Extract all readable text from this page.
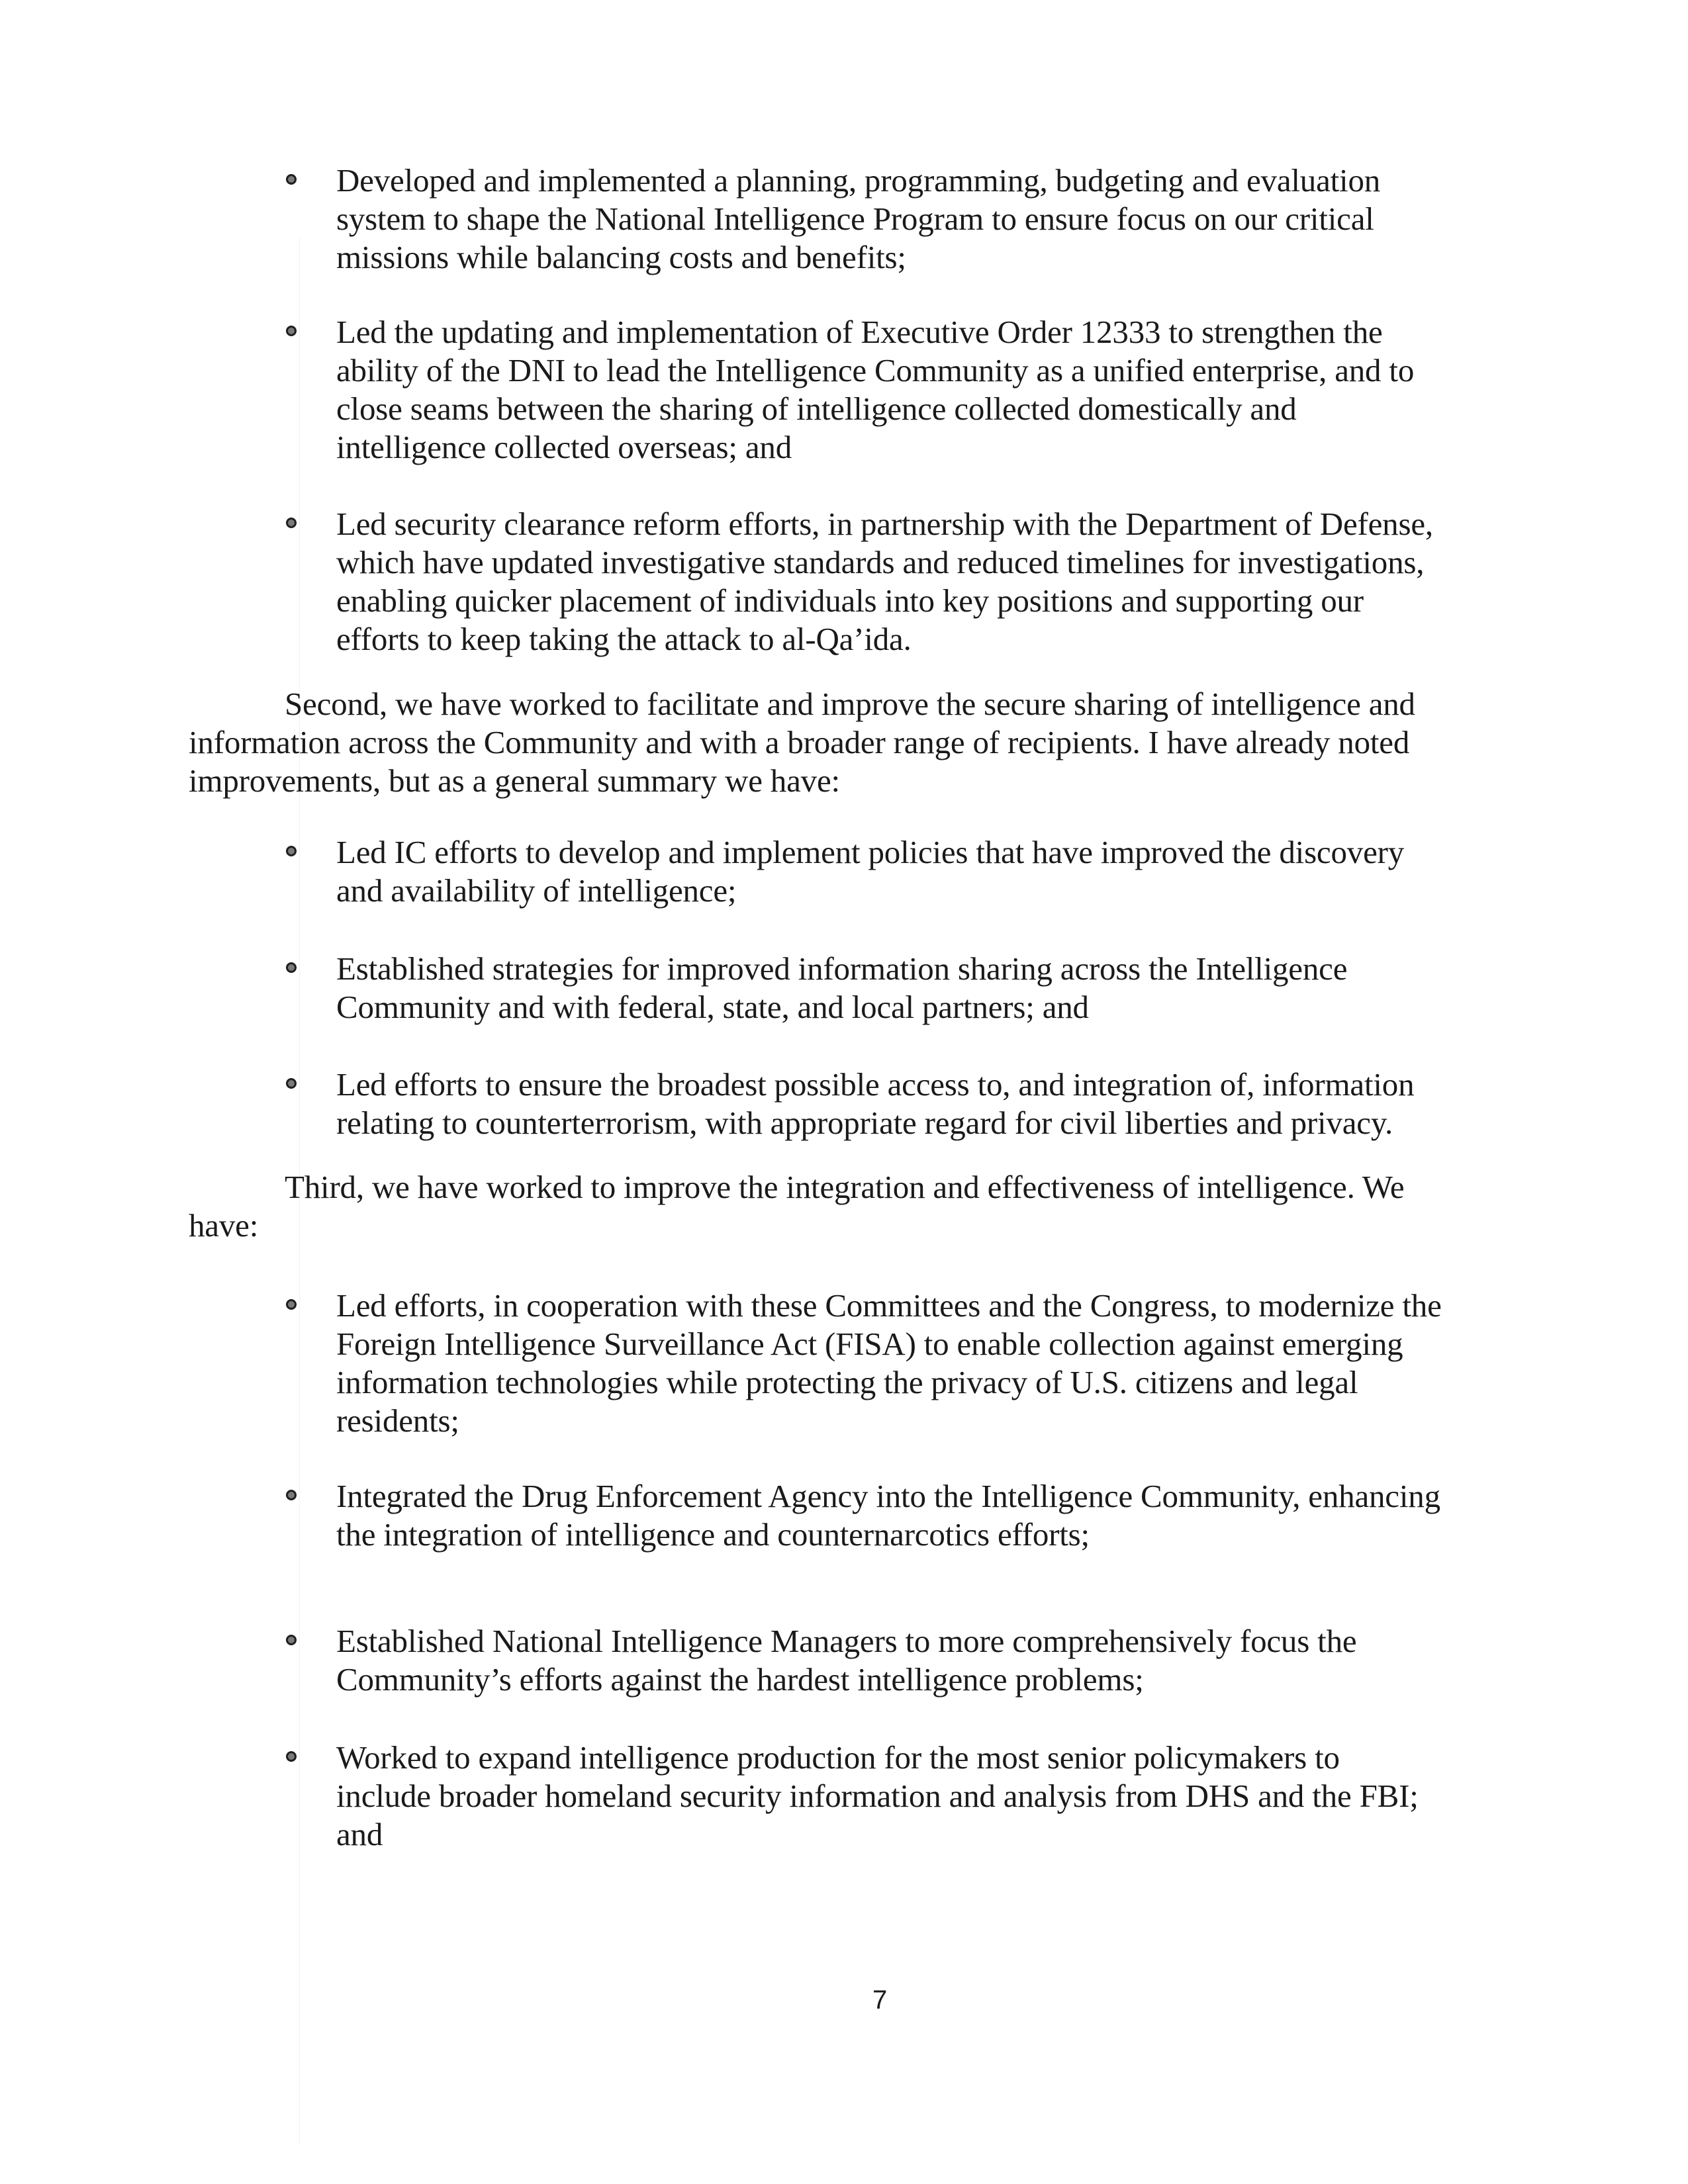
Developed and implemented a planning, programming, budgeting and evaluation
system to shape the National Intelligence Program to ensure focus on our critical
missions while balancing costs and benefits;
Led the updating and implementation of Executive Order 12333 to strengthen the
ability of the DNI to lead the Intelligence Community as a unified enterprise, and to
close seams between the sharing of intelligence collected domestically and
intelligence collected overseas; and
Led security clearance reform efforts, in partnership with the Department of Defense,
which have updated investigative standards and reduced timelines for investigations,
enabling quicker placement of individuals into key positions and supporting our
efforts to keep taking the attack to al-Qa’ida.
Second, we have worked to facilitate and improve the secure sharing of intelligence and
information across the Community and with a broader range of recipients. I have already noted
improvements, but as a general summary we have:
Led IC efforts to develop and implement policies that have improved the discovery
and availability of intelligence;
Established strategies for improved information sharing across the Intelligence
Community and with federal, state, and local partners; and
Led efforts to ensure the broadest possible access to, and integration of, information
relating to counterterrorism, with appropriate regard for civil liberties and privacy.
Third, we have worked to improve the integration and effectiveness of intelligence. We
have:
Led efforts, in cooperation with these Committees and the Congress, to modernize the
Foreign Intelligence Surveillance Act (FISA) to enable collection against emerging
information technologies while protecting the privacy of U.S. citizens and legal
residents;
Integrated the Drug Enforcement Agency into the Intelligence Community, enhancing
the integration of intelligence and counternarcotics efforts;
Established National Intelligence Managers to more comprehensively focus the
Community’s efforts against the hardest intelligence problems;
Worked to expand intelligence production for the most senior policymakers to
include broader homeland security information and analysis from DHS and the FBI;
and
7
